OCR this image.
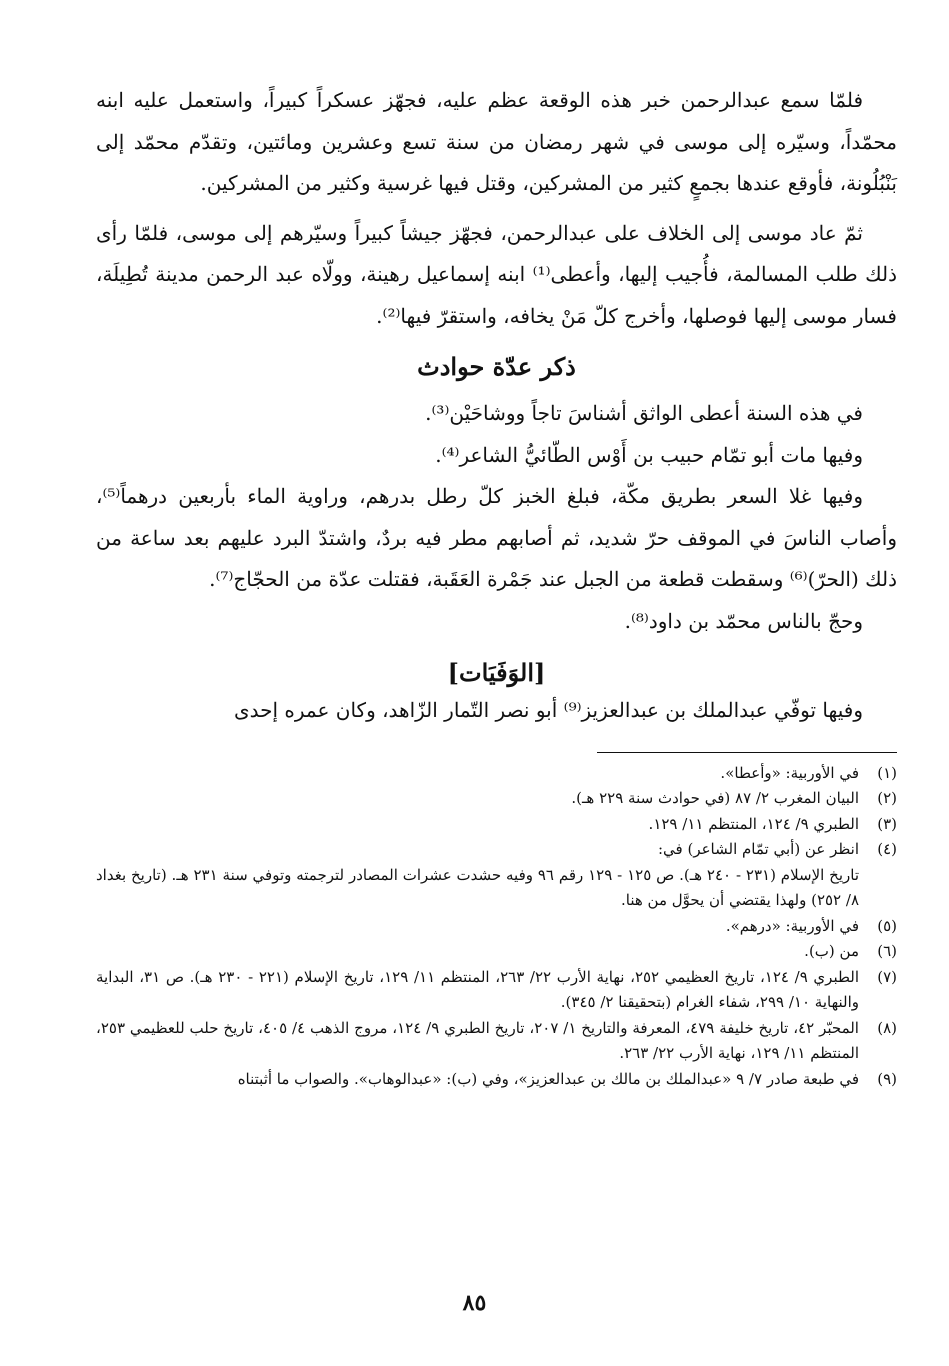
فلمّا سمع عبدالرحمن خبر هذه الوقعة عظم عليه، فجهّز عسكراً كبيراً، واستعمل عليه ابنه محمّداً، وسيّره إلى موسى في شهر رمضان من سنة تسع وعشرين ومائتين، وتقدّم محمّد إلى بَنْبُلُونة، فأوقع عندها بجمعٍ كثير من المشركين، وقتل فيها غرسية وكثير من المشركين.

ثمّ عاد موسى إلى الخلاف على عبدالرحمن، فجهّز جيشاً كبيراً وسيّرهم إلى موسى، فلمّا رأى ذلك طلب المسالمة، فأُجيب إليها، وأعطى⁽¹⁾ ابنه إسماعيل رهينة، وولّاه عبد الرحمن مدينة تُطِيلَة، فسار موسى إليها فوصلها، وأخرج كلّ مَنْ يخافه، واستقرّ فيها⁽²⁾.

ذكر عدّة حوادث

في هذه السنة أعطى الواثق أشناسَ تاجاً ووشاحَيْن⁽³⁾.

وفيها مات أبو تمّام حبيب بن أَوْس الطّائيُّ الشاعر⁽⁴⁾.

وفيها غلا السعر بطريق مكّة، فبلغ الخبز كلّ رطل بدرهم، وراوية الماء بأربعين درهماً⁽⁵⁾، وأصاب الناسَ في الموقف حرّ شديد، ثم أصابهم مطر فيه بردٌ، واشتدّ البرد عليهم بعد ساعة من ذلك (الحرّ)⁽⁶⁾ وسقطت قطعة من الجبل عند جَمْرة العَقَبة، فقتلت عدّة من الحجّاج⁽⁷⁾.

وحجّ بالناس محمّد بن داود⁽⁸⁾.

[الوَفَيَات]

وفيها توفّي عبدالملك بن عبدالعزيز⁽⁹⁾ أبو نصر التّمار الزّاهد، وكان عمره إحدى

(١)
في الأوربية: «وأعطا».
(٢)
البيان المغرب ٢/ ٨٧ (في حوادث سنة ٢٢٩ هـ).
(٣)
الطبري ٩/ ١٢٤، المنتظم ١١/ ١٢٩.
(٤)
انظر عن (أبي تمّام الشاعر) في:
تاريخ الإسلام (٢٣١ - ٢٤٠ هـ). ص ١٢٥ - ١٢٩ رقم ٩٦ وفيه حشدت عشرات المصادر لترجمته وتوفي سنة ٢٣١ هـ. (تاريخ بغداد ٨/ ٢٥٢) ولهذا يقتضي أن يحوَّل من هنا.
(٥)
في الأوربية: «درهم».
(٦)
من (ب).
(٧)
الطبري ٩/ ١٢٤، تاريخ العظيمي ٢٥٢، نهاية الأرب ٢٢/ ٢٦٣، المنتظم ١١/ ١٢٩، تاريخ الإسلام (٢٢١ - ٢٣٠ هـ). ص ٣١، البداية والنهاية ١٠/ ٢٩٩، شفاء الغرام (بتحقيقنا ٢/ ٣٤٥).
(٨)
المحبّر ٤٢، تاريخ خليفة ٤٧٩، المعرفة والتاريخ ١/ ٢٠٧، تاريخ الطبري ٩/ ١٢٤، مروج الذهب ٤/ ٤٠٥، تاريخ حلب للعظيمي ٢٥٣، المنتظم ١١/ ١٢٩، نهاية الأرب ٢٢/ ٢٦٣.
(٩)
في طبعة صادر ٧/ ٩ «عبدالملك بن مالك بن عبدالعزيز»، وفي (ب): «عبدالوهاب». والصواب ما أثبتناه
٨٥
